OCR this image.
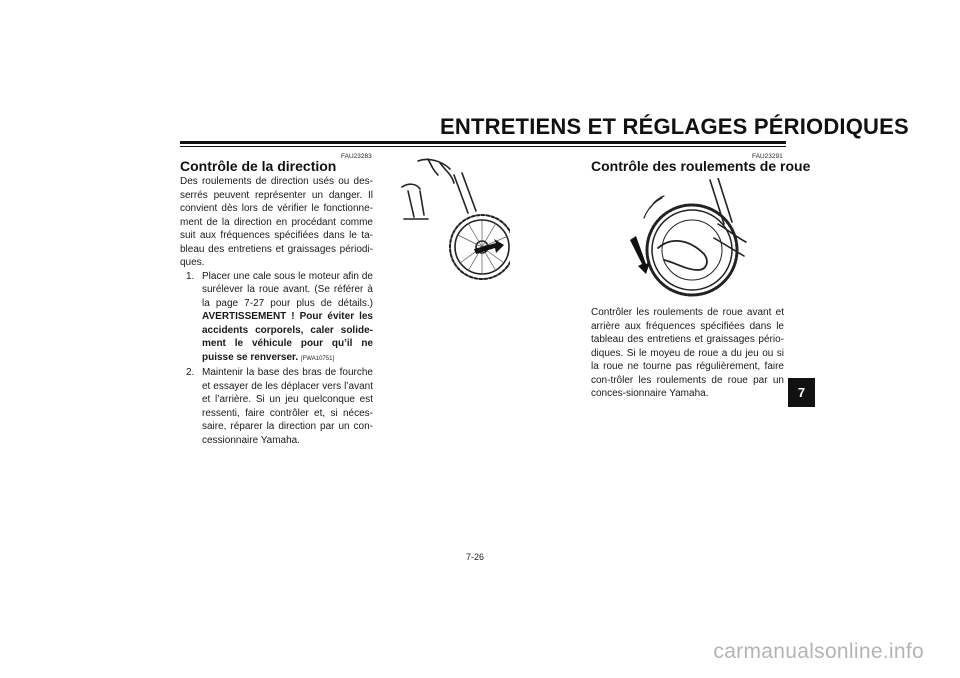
ENTRETIENS ET RÉGLAGES PÉRIODIQUES
FAU23283
Contrôle de la direction

Des roulements de direction usés ou des-serrés peuvent représenter un danger. Il convient dès lors de vérifier le fonctionne-ment de la direction en procédant comme suit aux fréquences spécifiées dans le ta-bleau des entretiens et graissages périodi-ques.

1. Placer une cale sous le moteur afin de surélever la roue avant. (Se référer à la page 7-27 pour plus de détails.) AVERTISSEMENT ! Pour éviter les accidents corporels, caler solide-ment le véhicule pour qu’il ne puisse se renverser. [FWA10751]

2. Maintenir la base des bras de fourche et essayer de les déplacer vers l’avant et l’arrière. Si un jeu quelconque est ressenti, faire contrôler et, si néces-saire, réparer la direction par un con-cessionnaire Yamaha.

FAU23291
Contrôle des roulements de roue

Contrôler les roulements de roue avant et arrière aux fréquences spécifiées dans le tableau des entretiens et graissages pério-diques. Si le moyeu de roue a du jeu ou si la roue ne tourne pas régulièrement, faire con-trôler les roulements de roue par un conces-sionnaire Yamaha.

7-26
7
carmanualsonline.info
